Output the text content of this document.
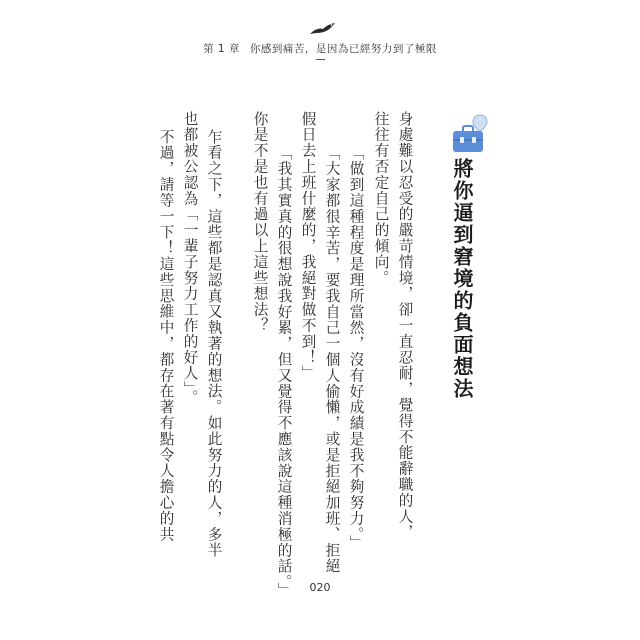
第 1 章 你感到痛苦，是因為已經努力到了極限
將你逼到窘境的負面想法
身處難以忍受的嚴苛情境，卻一直忍耐，覺得不能辭職的人，
往往有否定自己的傾向。
「做到這種程度是理所當然，沒有好成績是我不夠努力。」
「大家都很辛苦，要我自己一個人偷懶，或是拒絕加班、拒絕
假日去上班什麼的，我絕對做不到！」
「我其實真的很想說我好累，但又覺得不應該說這種消極的話。」
你是不是也有過以上這些想法？
乍看之下，這些都是認真又執著的想法。如此努力的人，多半
也都被公認為「一輩子努力工作的好人」。
不過，請等一下！這些思維中，都存在著有點令人擔心的共
020
